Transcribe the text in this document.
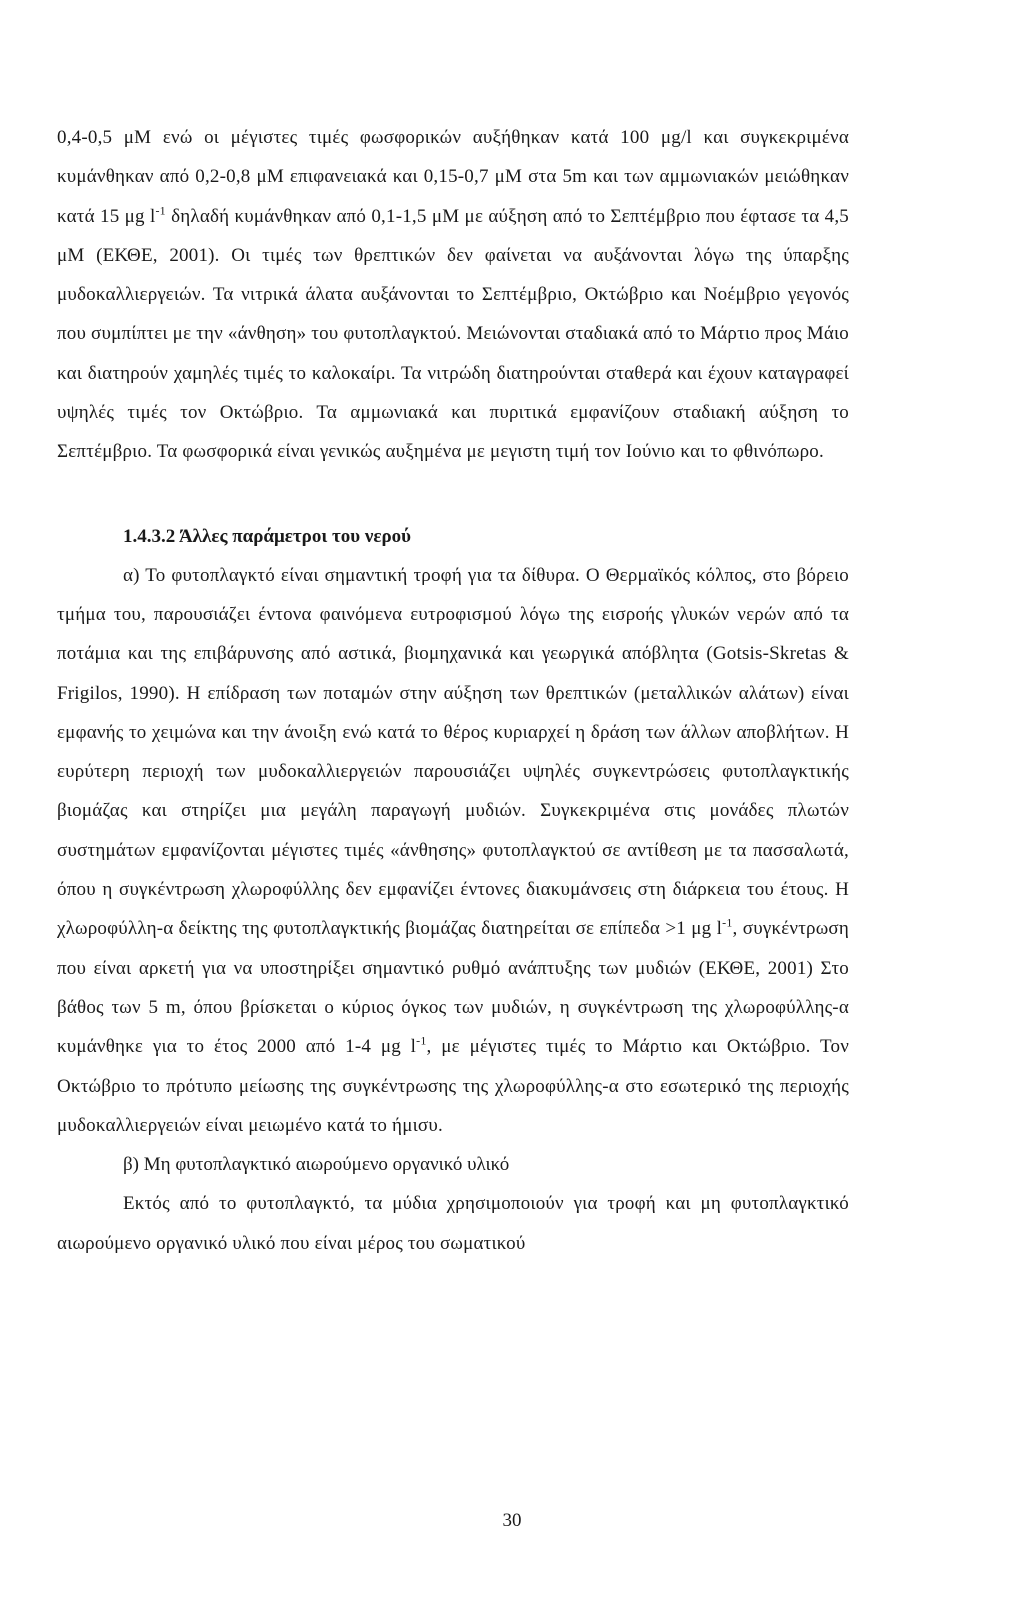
0,4-0,5 μΜ ενώ οι μέγιστες τιμές φωσφορικών αυξήθηκαν κατά 100 μg/l και συγκεκριμένα κυμάνθηκαν από 0,2-0,8 μΜ επιφανειακά και 0,15-0,7 μΜ στα 5m και των αμμωνιακών μειώθηκαν κατά 15 μg $l^{-1}$ δηλαδή κυμάνθηκαν από 0,1-1,5 μΜ με αύξηση από το Σεπτέμβριο που έφτασε τα 4,5 μΜ (ΕΚΘΕ, 2001). Οι τιμές των θρεπτικών δεν φαίνεται να αυξάνονται λόγω της ύπαρξης μυδοκαλλιεργειών. Τα νιτρικά άλατα αυξάνονται το Σεπτέμβριο, Οκτώβριο και Νοέμβριο γεγονός που συμπίπτει με την «άνθηση» του φυτοπλαγκτού. Μειώνονται σταδιακά από το Μάρτιο προς Μάιο και διατηρούν χαμηλές τιμές το καλοκαίρι. Τα νιτρώδη διατηρούνται σταθερά και έχουν καταγραφεί υψηλές τιμές τον Οκτώβριο. Τα αμμωνιακά και πυριτικά εμφανίζουν σταδιακή αύξηση το Σεπτέμβριο. Τα φωσφορικά είναι γενικώς αυξημένα με μεγιστη τιμή τον Ιούνιο και το φθινόπωρο.

1.4.3.2 Άλλες παράμετροι του νερού

α) Το φυτοπλαγκτό είναι σημαντική τροφή για τα δίθυρα. Ο Θερμαϊκός κόλπος, στο βόρειο τμήμα του, παρουσιάζει έντονα φαινόμενα ευτροφισμού λόγω της εισροής γλυκών νερών από τα ποτάμια και της επιβάρυνσης από αστικά, βιομηχανικά και γεωργικά απόβλητα (Gotsis-Skretas & Frigilos, 1990). Η επίδραση των ποταμών στην αύξηση των θρεπτικών (μεταλλικών αλάτων) είναι εμφανής το χειμώνα και την άνοιξη ενώ κατά το θέρος κυριαρχεί η δράση των άλλων αποβλήτων. Η ευρύτερη περιοχή των μυδοκαλλιεργειών παρουσιάζει υψηλές συγκεντρώσεις φυτοπλαγκτικής βιομάζας και στηρίζει μια μεγάλη παραγωγή μυδιών. Συγκεκριμένα στις μονάδες πλωτών συστημάτων εμφανίζονται μέγιστες τιμές «άνθησης» φυτοπλαγκτού σε αντίθεση με τα πασσαλωτά, όπου η συγκέντρωση χλωροφύλλης δεν εμφανίζει έντονες διακυμάνσεις στη διάρκεια του έτους. Η χλωροφύλλη-α δείκτης της φυτοπλαγκτικής βιομάζας διατηρείται σε επίπεδα >1 μg $l^{-1}$, συγκέντρωση που είναι αρκετή για να υποστηρίξει σημαντικό ρυθμό ανάπτυξης των μυδιών (ΕΚΘΕ, 2001) Στο βάθος των 5 m, όπου βρίσκεται ο κύριος όγκος των μυδιών, η συγκέντρωση της χλωροφύλλης-α κυμάνθηκε για το έτος 2000 από 1-4 μg $l^{-1}$, με μέγιστες τιμές το Μάρτιο και Οκτώβριο. Τον Οκτώβριο το πρότυπο μείωσης της συγκέντρωσης της χλωροφύλλης-α στο εσωτερικό της περιοχής μυδοκαλλιεργειών είναι μειωμένο κατά το ήμισυ.

β) Μη φυτοπλαγκτικό αιωρούμενο οργανικό υλικό

Εκτός από το φυτοπλαγκτό, τα μύδια χρησιμοποιούν για τροφή και μη φυτοπλαγκτικό αιωρούμενο οργανικό υλικό που είναι μέρος του σωματικού

30
